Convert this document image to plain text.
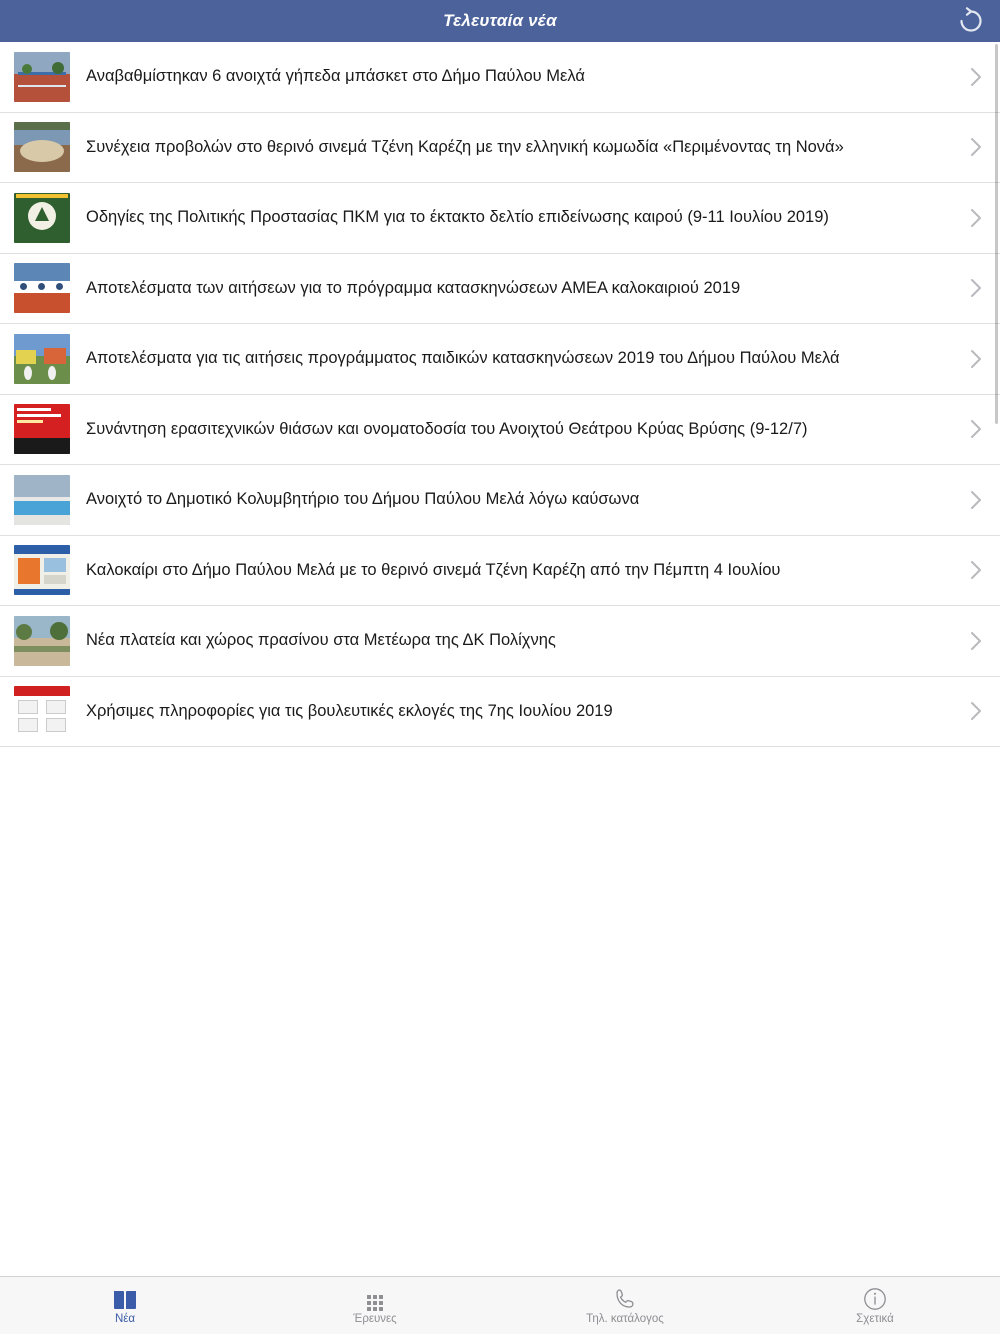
Τελευταία νέα
Αναβαθμίστηκαν 6 ανοιχτά γήπεδα μπάσκετ στο Δήμο Παύλου Μελά
Συνέχεια προβολών στο θερινό σινεμά Τζένη Καρέζη με την ελληνική κωμωδία «Περιμένοντας τη Νονά»
Οδηγίες της Πολιτικής Προστασίας ΠΚΜ για το έκτακτο δελτίο επιδείνωσης καιρού (9-11 Ιουλίου 2019)
Αποτελέσματα των αιτήσεων για το πρόγραμμα κατασκηνώσεων ΑΜΕΑ καλοκαιριού 2019
Αποτελέσματα για τις αιτήσεις προγράμματος παιδικών κατασκηνώσεων 2019 του Δήμου Παύλου Μελά
Συνάντηση ερασιτεχνικών θιάσων και ονοματοδοσία του Ανοιχτού Θεάτρου Κρύας Βρύσης (9-12/7)
Ανοιχτό το Δημοτικό Κολυμβητήριο του Δήμου Παύλου Μελά λόγω καύσωνα
Καλοκαίρι στο Δήμο Παύλου Μελά με το θερινό σινεμά Τζένη Καρέζη από την Πέμπτη 4 Ιουλίου
Νέα πλατεία και χώρος πρασίνου στα Μετέωρα της ΔΚ Πολίχνης
Χρήσιμες πληροφορίες για τις βουλευτικές εκλογές της 7ης Ιουλίου 2019
Νέα	Έρευνες	Τηλ. κατάλογος	Σχετικά
